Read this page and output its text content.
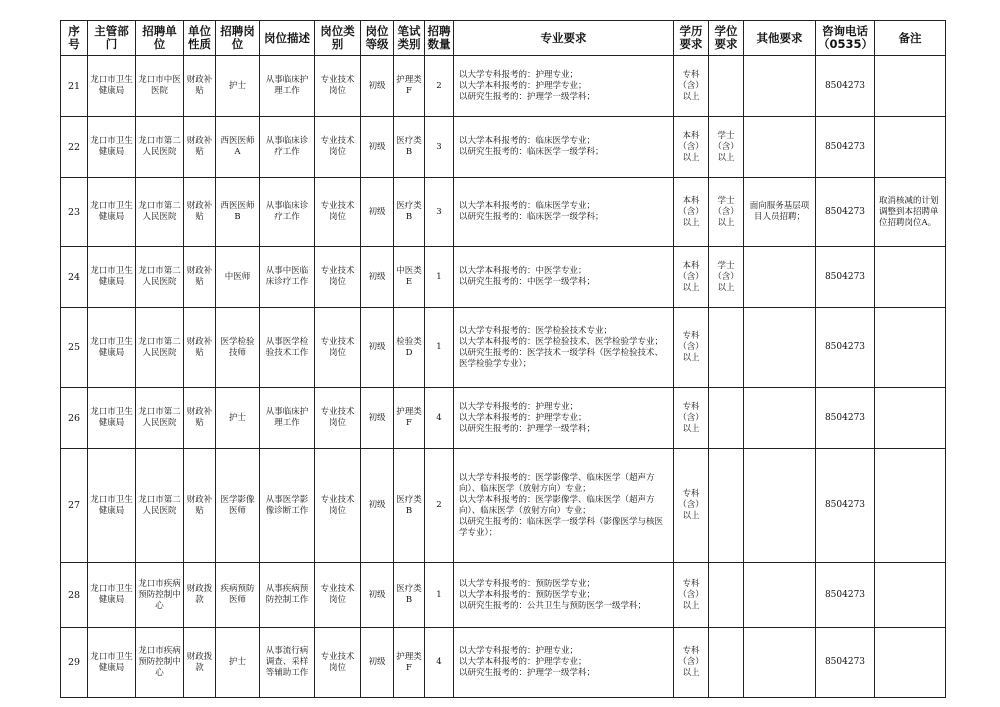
序号	主管部门	招聘单位	单位性质	招聘岗位	岗位描述	岗位类别	岗位等级	笔试类别	招聘数量	专业要求	学历要求	学位要求	其他要求	咨询电话（0535）	备注
21	龙口市卫生健康局	龙口市中医医院	财政补贴	护士	从事临床护理工作	专业技术岗位	初级	护理类F	2	以大学专科报考的：护理专业；
以大学本科报考的：护理学专业；
以研究生报考的：护理学一级学科；	专科（含）以上			8504273	
22	龙口市卫生健康局	龙口市第二人民医院	财政补贴	西医医师A	从事临床诊疗工作	专业技术岗位	初级	医疗类B	3	以大学本科报考的：临床医学专业；
以研究生报考的：临床医学一级学科；	本科（含）以上	学士（含）以上		8504273	
23	龙口市卫生健康局	龙口市第二人民医院	财政补贴	西医医师B	从事临床诊疗工作	专业技术岗位	初级	医疗类B	3	以大学本科报考的：临床医学专业；
以研究生报考的：临床医学一级学科；	本科（含）以上	学士（含）以上	面向服务基层项目人员招聘；	8504273	取消核减的计划调整到本招聘单位招聘岗位A。
24	龙口市卫生健康局	龙口市第二人民医院	财政补贴	中医师	从事中医临床诊疗工作	专业技术岗位	初级	中医类E	1	以大学本科报考的：中医学专业；
以研究生报考的：中医学一级学科；	本科（含）以上	学士（含）以上		8504273	
25	龙口市卫生健康局	龙口市第二人民医院	财政补贴	医学检验技师	从事医学检验技术工作	专业技术岗位	初级	检验类D	1	以大学专科报考的：医学检验技术专业；
以大学本科报考的：医学检验技术、医学检验学专业；
以研究生报考的：医学技术一级学科（医学检验技术、医学检验学专业）；	专科（含）以上			8504273	
26	龙口市卫生健康局	龙口市第二人民医院	财政补贴	护士	从事临床护理工作	专业技术岗位	初级	护理类F	4	以大学专科报考的：护理专业；
以大学本科报考的：护理学专业；
以研究生报考的：护理学一级学科；	专科（含）以上			8504273	
27	龙口市卫生健康局	龙口市第二人民医院	财政补贴	医学影像医师	从事医学影像诊断工作	专业技术岗位	初级	医疗类B	2	以大学专科报考的：医学影像学、临床医学（超声方向）、临床医学（放射方向）专业；
以大学本科报考的：医学影像学、临床医学（超声方向）、临床医学（放射方向）专业；
以研究生报考的：临床医学一级学科（影像医学与核医学专业）；	专科（含）以上			8504273	
28	龙口市卫生健康局	龙口市疾病预防控制中心	财政拨款	疾病预防医师	从事疾病预防控制工作	专业技术岗位	初级	医疗类B	1	以大学专科报考的：预防医学专业；
以大学本科报考的：预防医学专业；
以研究生报考的：公共卫生与预防医学一级学科；	专科（含）以上			8504273	
29	龙口市卫生健康局	龙口市疾病预防控制中心	财政拨款	护士	从事流行病调查、采样等辅助工作	专业技术岗位	初级	护理类F	4	以大学专科报考的：护理专业；
以大学本科报考的：护理学专业；
以研究生报考的：护理学一级学科；	专科（含）以上			8504273	
